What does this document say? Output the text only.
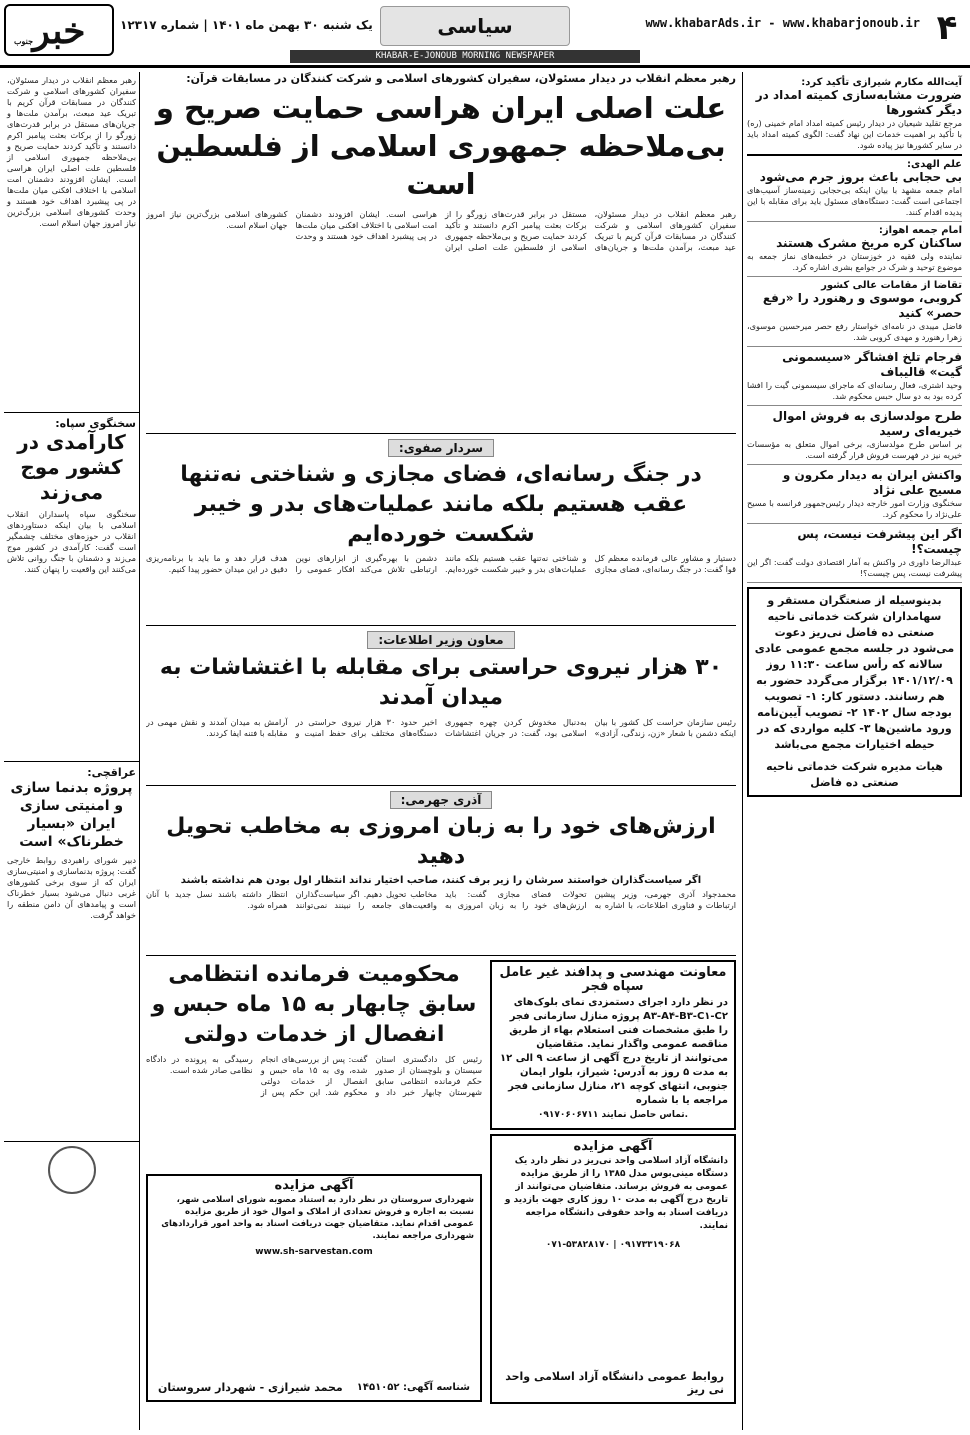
۴
www.khabarAds.ir - www.khabarjonoub.ir
سیاسی
یک شنبه ۳۰ بهمن ماه ۱۴۰۱ | شماره ۱۲۳۱۷
خبر
جنوب
KHABAR-E-JONOUB MORNING NEWSPAPER
آیت‌الله مکارم شیرازی تأکید کرد:
ضرورت مشابه‌سازی کمیته امداد در دیگر کشورها
مرجع تقلید شیعیان در دیدار رئیس کمیته امداد امام خمینی (ره) با تأکید بر اهمیت خدمات این نهاد گفت: الگوی کمیته امداد باید در سایر کشورها نیز پیاده شود.
علم الهدی:
بی حجابی باعث بروز جرم می‌شود
امام جمعه مشهد با بیان اینکه بی‌حجابی زمینه‌ساز آسیب‌های اجتماعی است گفت: دستگاه‌های مسئول باید برای مقابله با این پدیده اقدام کنند.
امام جمعه اهواز:
ساکنان کره مریخ مشرک هستند
نماینده ولی فقیه در خوزستان در خطبه‌های نماز جمعه به موضوع توحید و شرک در جوامع بشری اشاره کرد.
تقاضا از مقامات عالی کشور
کروبی، موسوی و رهنورد را «رفع حصر» کنید
فاضل میبدی در نامه‌ای خواستار رفع حصر میرحسین موسوی، زهرا رهنورد و مهدی کروبی شد.
فرجام تلخ افشاگر «سیسمونی گیت» قالیباف
وحید اشتری، فعال رسانه‌ای که ماجرای سیسمونی گیت را افشا کرده بود به دو سال حبس محکوم شد.
طرح مولدسازی به فروش اموال خیریه‌ای رسید
بر اساس طرح مولدسازی، برخی اموال متعلق به مؤسسات خیریه نیز در فهرست فروش قرار گرفته است.
واکنش ایران به دیدار مکرون و مسیح علی نژاد
سخنگوی وزارت امور خارجه دیدار رئیس‌جمهور فرانسه با مسیح علی‌نژاد را محکوم کرد.
اگر این پیشرفت نیست، پس چیست؟!
عبدالرضا داوری در واکنش به آمار اقتصادی دولت گفت: اگر این پیشرفت نیست، پس چیست؟!
بدینوسیله از صنعتگران مستقر و سهامداران شرکت خدماتی ناحیه صنعتی ده فاضل نی‌ریز دعوت می‌شود در جلسه مجمع عمومی عادی سالانه که رأس ساعت ۱۱:۳۰ روز ۱۴۰۱/۱۲/۰۹ برگزار می‌گردد حضور به هم رسانند. دستور کار: ۱- تصویب بودجه سال ۱۴۰۲ ۲- تصویب آیین‌نامه ورود ماشین‌ها ۳- کلیه مواردی که در حیطه اختیارات مجمع می‌باشد
هیات مدیره شرکت خدماتی ناحیه صنعتی ده فاضل
رهبر معظم انقلاب در دیدار مسئولان، سفیران کشورهای اسلامی و شرکت کنندگان در مسابقات قرآن:
علت اصلی ایران هراسی حمایت صریح و بی‌ملاحظه جمهوری اسلامی از فلسطین است
رهبر معظم انقلاب در دیدار مسئولان، سفیران کشورهای اسلامی و شرکت کنندگان در مسابقات قرآن کریم با تبریک عید مبعث، برآمدن ملت‌ها و جریان‌های مستقل در برابر قدرت‌های زورگو را از برکات بعثت پیامبر اکرم دانستند و تأکید کردند حمایت صریح و بی‌ملاحظه جمهوری اسلامی از فلسطین علت اصلی ایران هراسی است. ایشان افزودند دشمنان امت اسلامی با اختلاف افکنی میان ملت‌ها در پی پیشبرد اهداف خود هستند و وحدت کشورهای اسلامی بزرگ‌ترین نیاز امروز جهان اسلام است.
سردار صفوی:
در جنگ رسانه‌ای، فضای مجازی و شناختی نه‌تنها عقب هستیم بلکه مانند عملیات‌های بدر و خیبر شکست خورده‌ایم
دستیار و مشاور عالی فرمانده معظم کل قوا گفت: در جنگ رسانه‌ای، فضای مجازی و شناختی نه‌تنها عقب هستیم بلکه مانند عملیات‌های بدر و خیبر شکست خورده‌ایم. دشمن با بهره‌گیری از ابزارهای نوین ارتباطی تلاش می‌کند افکار عمومی را هدف قرار دهد و ما باید با برنامه‌ریزی دقیق در این میدان حضور پیدا کنیم.
معاون وزیر اطلاعات:
۳۰ هزار نیروی حراستی برای مقابله با اغتشاشات به میدان آمدند
رئیس سازمان حراست کل کشور با بیان اینکه دشمن با شعار «زن، زندگی، آزادی» به‌دنبال مخدوش کردن چهره جمهوری اسلامی بود، گفت: در جریان اغتشاشات اخیر حدود ۳۰ هزار نیروی حراستی در دستگاه‌های مختلف برای حفظ امنیت و آرامش به میدان آمدند و نقش مهمی در مقابله با فتنه ایفا کردند.
آذری جهرمی:
ارزش‌های خود را به زبان امروزی به مخاطب تحویل دهید
اگر سیاست‌گذاران خواستند سرشان را زیر برف کنند، صاحب اختیار نداند انتظار اول بودن هم نداشته باشند
محمدجواد آذری جهرمی، وزیر پیشین ارتباطات و فناوری اطلاعات، با اشاره به تحولات فضای مجازی گفت: باید ارزش‌های خود را به زبان امروزی به مخاطب تحویل دهیم. اگر سیاست‌گذاران واقعیت‌های جامعه را نبینند نمی‌توانند انتظار داشته باشند نسل جدید با آنان همراه شود.
معاونت مهندسی و پدافند غیر عامل سپاه فجر
در نظر دارد اجرای دستمزدی نمای بلوک‌های A۳-A۴-B۳-C۱-C۲ پروژه منازل سازمانی فجر را طبق مشخصات فنی استعلام بهاء از طریق مناقصه عمومی واگذار نماید. متقاضیان می‌توانند از تاریخ درج آگهی از ساعت ۹ الی ۱۲ به مدت ۵ روز به آدرس: شیراز، بلوار ایمان جنوبی، انتهای کوچه ۲۱، منازل سازمانی فجر مراجعه یا با شماره
۰۹۱۷۰۶۰۶۷۱۱ تماس حاصل نمایند.
آگهی مزایده
دانشگاه آزاد اسلامی واحد نی‌ریز در نظر دارد یک دستگاه مینی‌بوس مدل ۱۳۸۵ را از طریق مزایده عمومی به فروش برساند. متقاضیان می‌توانند از تاریخ درج آگهی به مدت ۱۰ روز کاری جهت بازدید و دریافت اسناد به واحد حقوقی دانشگاه مراجعه نمایند.
۰۷۱-۵۳۸۲۸۱۷۰ | ۰۹۱۷۳۳۱۹۰۶۸
روابط عمومی دانشگاه آزاد اسلامی واحد نی ریز
محکومیت فرمانده انتظامی سابق چابهار به ۱۵ ماه حبس و انفصال از خدمات دولتی
رئیس کل دادگستری استان سیستان و بلوچستان از صدور حکم فرمانده انتظامی سابق شهرستان چابهار خبر داد و گفت: پس از بررسی‌های انجام شده، وی به ۱۵ ماه حبس و انفصال از خدمات دولتی محکوم شد. این حکم پس از رسیدگی به پرونده در دادگاه نظامی صادر شده است.
آگهی مزایده
شهرداری سروستان در نظر دارد به استناد مصوبه شورای اسلامی شهر، نسبت به اجاره و فروش تعدادی از املاک و اموال خود از طریق مزایده عمومی اقدام نماید. متقاضیان جهت دریافت اسناد به واحد امور قراردادهای شهرداری مراجعه نمایند.
www.sh-sarvestan.com
محمد شیرازی - شهردار سروستان شناسه آگهی: ۱۴۵۱۰۵۲
رهبر معظم انقلاب در دیدار مسئولان، سفیران کشورهای اسلامی و شرکت کنندگان در مسابقات قرآن کریم با تبریک عید مبعث، برآمدن ملت‌ها و جریان‌های مستقل در برابر قدرت‌های زورگو را از برکات بعثت پیامبر اکرم دانستند و تأکید کردند حمایت صریح و بی‌ملاحظه جمهوری اسلامی از فلسطین علت اصلی ایران هراسی است. ایشان افزودند دشمنان امت اسلامی با اختلاف افکنی میان ملت‌ها در پی پیشبرد اهداف خود هستند و وحدت کشورهای اسلامی بزرگ‌ترین نیاز امروز جهان اسلام است.
سخنگوی سپاه:
کارآمدی در کشور موج می‌زند
سخنگوی سپاه پاسداران انقلاب اسلامی با بیان اینکه دستاوردهای انقلاب در حوزه‌های مختلف چشمگیر است گفت: کارآمدی در کشور موج می‌زند و دشمنان با جنگ روانی تلاش می‌کنند این واقعیت را پنهان کنند.
عراقچی:
پروژه بدنما سازی و امنیتی سازی ایران «بسیار خطرناک» است
دبیر شورای راهبردی روابط خارجی گفت: پروژه بدنماسازی و امنیتی‌سازی ایران که از سوی برخی کشورهای غربی دنبال می‌شود بسیار خطرناک است و پیامدهای آن دامن منطقه را خواهد گرفت.
